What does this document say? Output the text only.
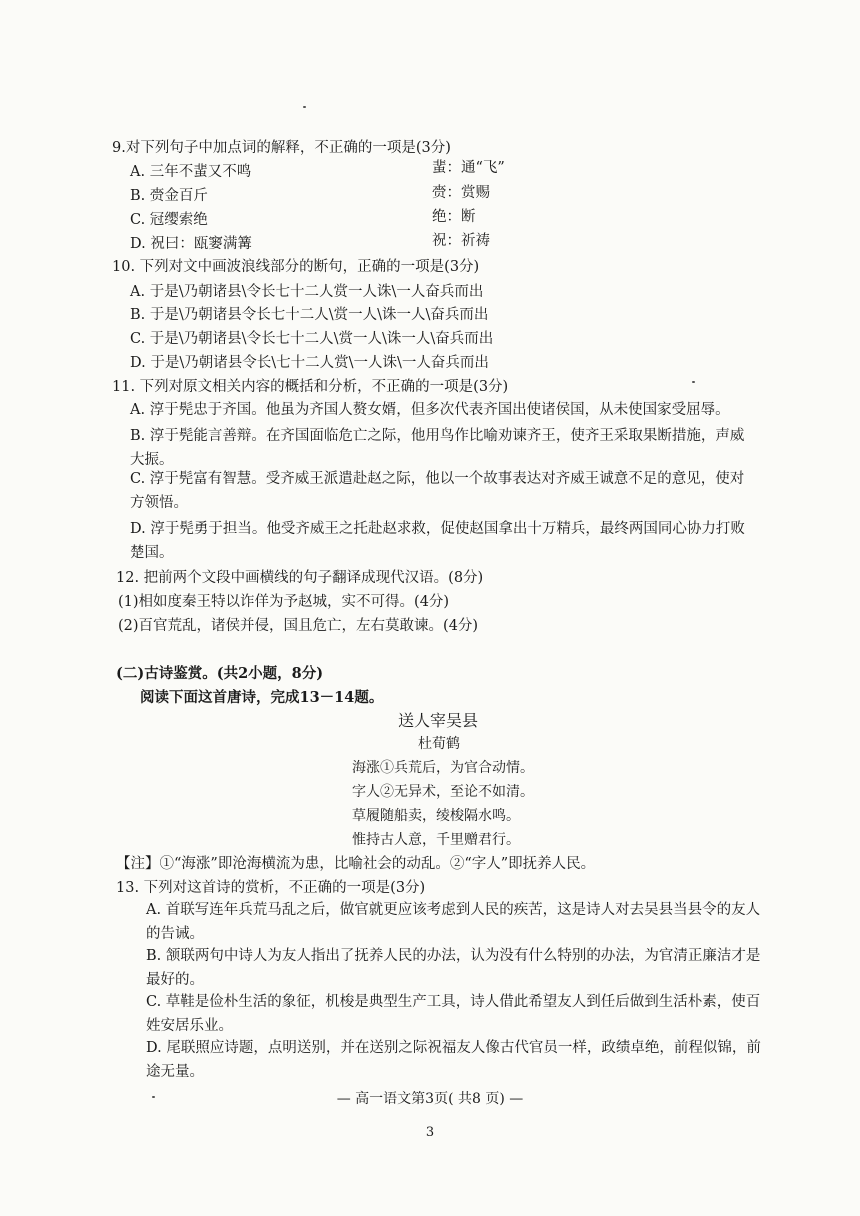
9.对下列句子中加点词的解释，不正确的一项是(3分)
A. 三年不蜚又不鸣	蜚：通“飞”
B. 赍金百斤	赍：赏赐
C. 冠缨索绝	绝：断
D. 祝曰：瓯窭满篝	祝：祈祷
10. 下列对文中画波浪线部分的断句，正确的一项是(3分)
A. 于是\乃朝诸县\令长七十二人赏一人诛\一人奋兵而出
B. 于是\乃朝诸县令长七十二人\赏一人\诛一人\奋兵而出
C. 于是\乃朝诸县\令长七十二人\赏一人\诛一人\奋兵而出
D. 于是\乃朝诸县令长\七十二人赏\一人诛\一人奋兵而出
11. 下列对原文相关内容的概括和分析，不正确的一项是(3分)
A. 淳于髡忠于齐国。他虽为齐国人赘女婿，但多次代表齐国出使诸侯国，从未使国家受屈辱。
B. 淳于髡能言善辩。在齐国面临危亡之际，他用鸟作比喻劝谏齐王，使齐王采取果断措施，声威大振。
C. 淳于髡富有智慧。受齐威王派遣赴赵之际，他以一个故事表达对齐威王诚意不足的意见，使对方领悟。
D. 淳于髡勇于担当。他受齐威王之托赴赵求救，促使赵国拿出十万精兵，最终两国同心协力打败楚国。
12. 把前两个文段中画横线的句子翻译成现代汉语。(8分)
(1)相如度秦王特以诈佯为予赵城，实不可得。(4分)
(2)百官荒乱，诸侯并侵，国且危亡，左右莫敢谏。(4分)
(二)古诗鉴赏。(共2小题，8分)
阅读下面这首唐诗，完成13－14题。
送人宰吴县
杜荀鹤
海涨①兵荒后，为官合动情。
字人②无异术，至论不如清。
草履随船卖，绫梭隔水鸣。
惟持古人意，千里赠君行。
【注】①“海涨”即沧海横流为患，比喻社会的动乱。②“字人”即抚养人民。
13. 下列对这首诗的赏析，不正确的一项是(3分)
A. 首联写连年兵荒马乱之后，做官就更应该考虑到人民的疾苦，这是诗人对去吴县当县令的友人的告诫。
B. 颔联两句中诗人为友人指出了抚养人民的办法，认为没有什么特别的办法，为官清正廉洁才是最好的。
C. 草鞋是俭朴生活的象征，机梭是典型生产工具，诗人借此希望友人到任后做到生活朴素，使百姓安居乐业。
D. 尾联照应诗题，点明送别，并在送别之际祝福友人像古代官员一样，政绩卓绝，前程似锦，前途无量。
— 高一语文第3页( 共8 页) —
3
